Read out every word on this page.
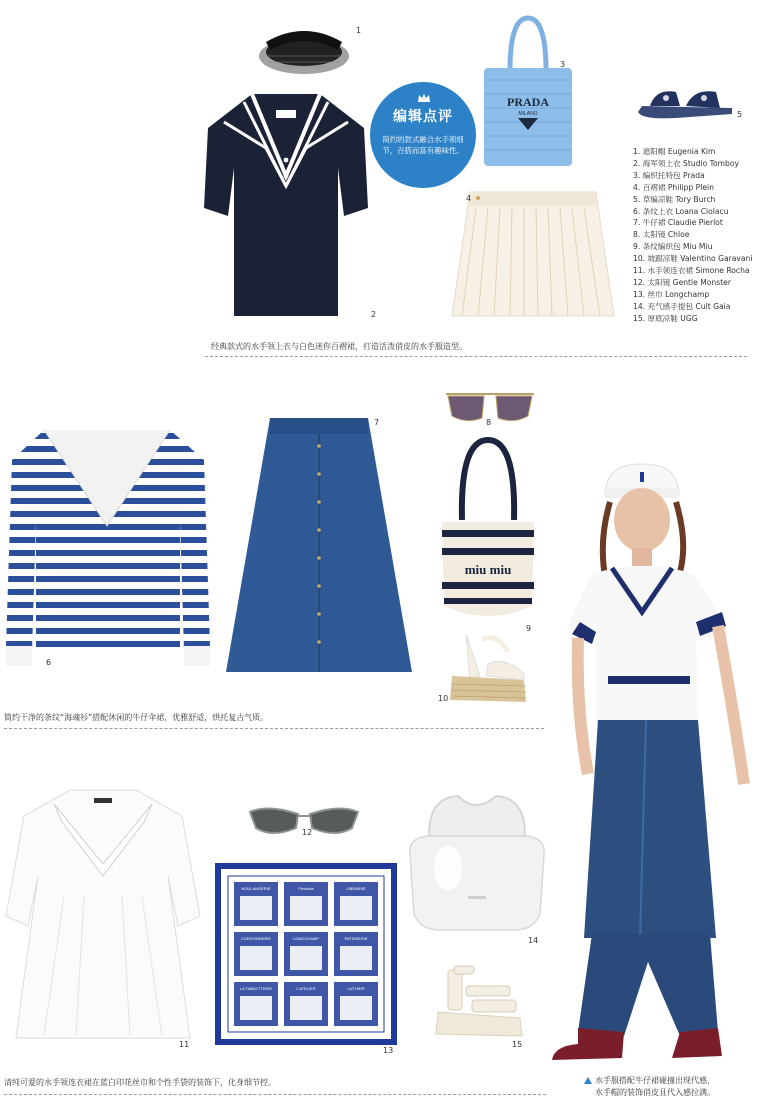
1
2
编辑点评
简约的款式融合水手领细节，百搭而富有趣味性。
PRADA
MILANO
3
5
4
1. 遮阳帽 Eugenia Kim
2. 海军领上衣 Studio Tomboy
3. 编织托特包 Prada
4. 百褶裙 Philipp Plein
5. 草编凉鞋 Tory Burch
6. 条纹上衣 Loana Ciolacu
7. 牛仔裙 Claudie Pierlot
8. 太阳镜 Chloe
9. 条纹编织包 Miu Miu
10. 坡跟凉鞋 Valentino Garavani
11. 水手领连衣裙 Simone Rocha
12. 太阳镜 Gentle Monster
13. 丝巾 Longchamp
14. 充气感手提包 Cult Gaia
15. 厚底凉鞋 UGG
经典款式的水手领上衣与白色迷你百褶裙，打造活泼俏皮的水手服造型。
6
7	8
miu miu
9
10
简约干净的条纹“海魂衫”搭配休闲的牛仔伞裙，优雅舒适，烘托复古气质。
11
12
BOULANGERIE	Fleuriste	LIBRAIRIE
CORDONNERIE	LONGCHAMP	PATISSERIE
LA TABLETTERIE	L'ATELIER	LUTHIER
13
14
15
清纯可爱的水手领连衣裙在蓝白印花丝巾和个性手袋的装饰下，化身细节控。	水手服搭配牛仔裙碰撞出现代感，
水手帽的装饰俏皮且代入感拉满。
